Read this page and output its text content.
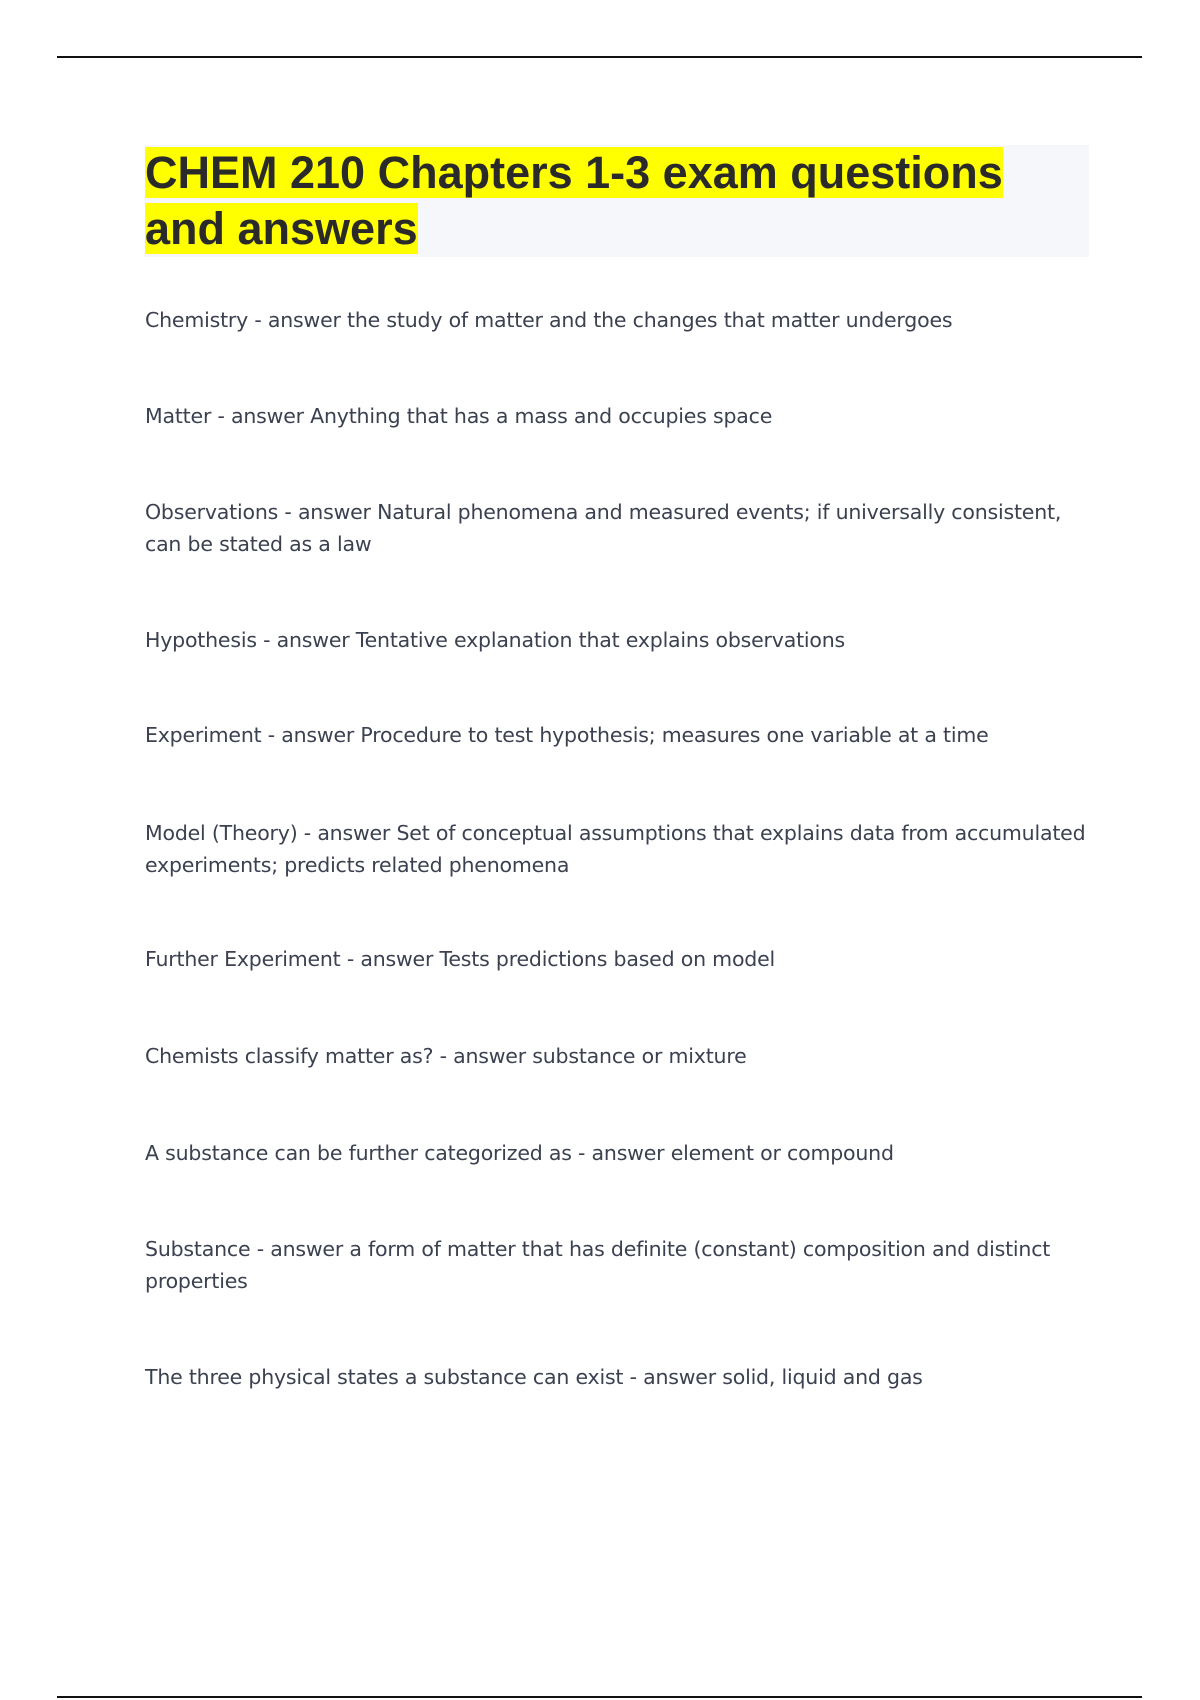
CHEM 210 Chapters 1-3 exam questions
and answers
Chemistry - answer the study of matter and the changes that matter undergoes
Matter - answer Anything that has a mass and occupies space
Observations - answer Natural phenomena and measured events; if universally consistent, can be stated as a law
Hypothesis - answer Tentative explanation that explains observations
Experiment - answer Procedure to test hypothesis; measures one variable at a time
Model (Theory) - answer Set of conceptual assumptions that explains data from accumulated experiments; predicts related phenomena
Further Experiment - answer Tests predictions based on model
Chemists classify matter as? - answer substance or mixture
A substance can be further categorized as - answer element or compound
Substance - answer a form of matter that has definite (constant) composition and distinct properties
The three physical states a substance can exist - answer solid, liquid and gas
